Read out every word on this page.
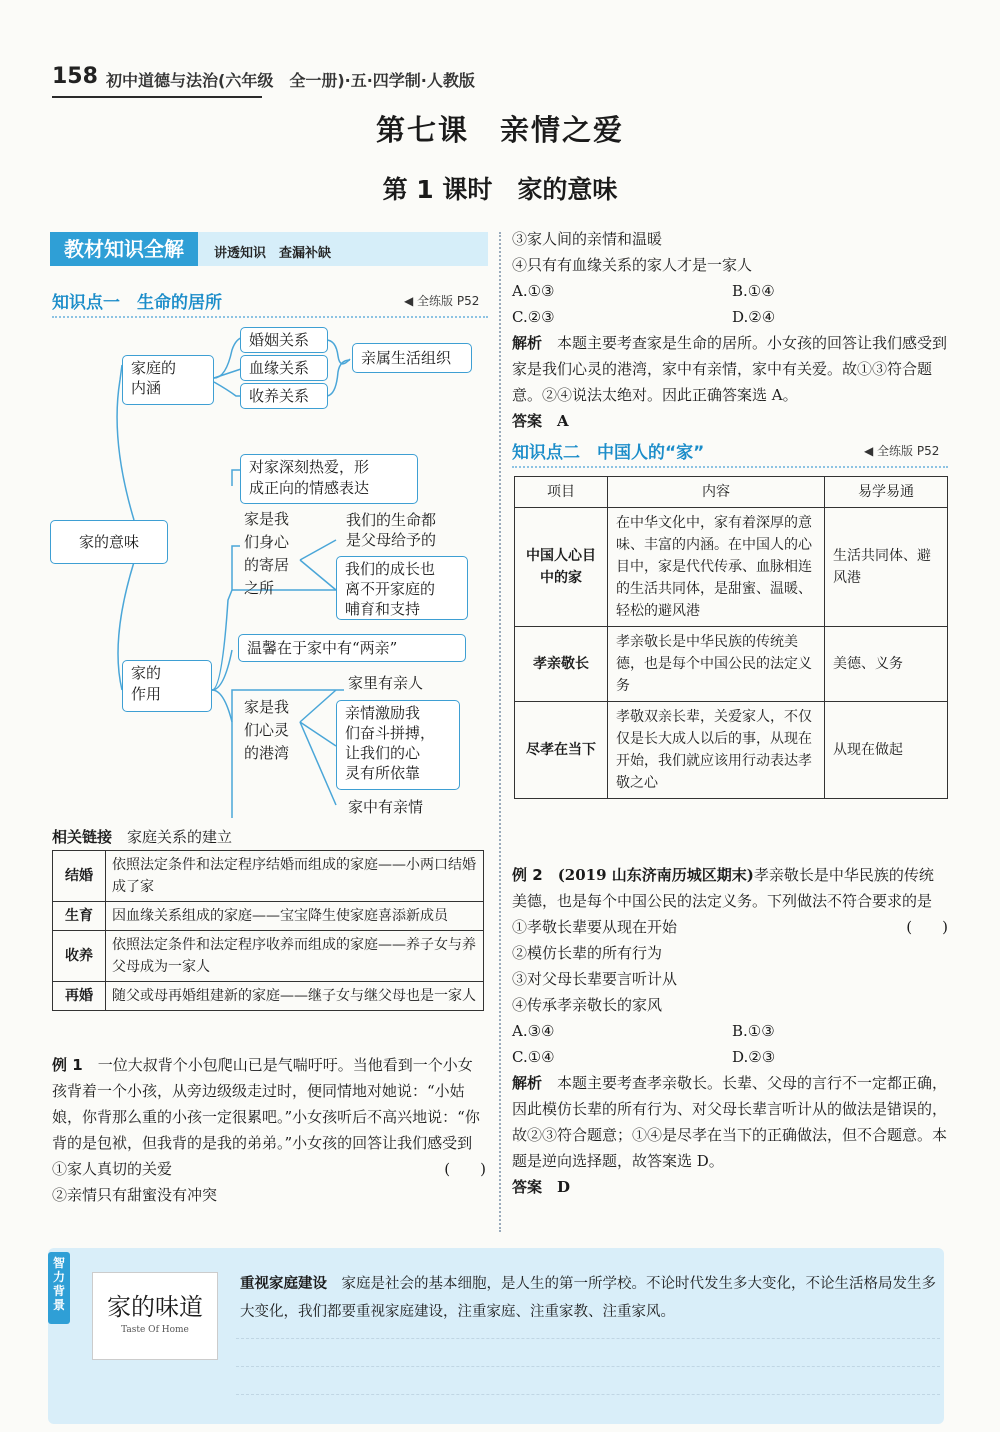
158 初中道德与法治(六年级　全一册)·五·四学制·人教版
第七课　亲情之爱
第 1 课时　家的意味
教材知识全解	讲透知识　查漏补缺
知识点一　生命的居所	◀ 全练版 P52
家的意味
家庭的
内涵
婚姻关系
血缘关系
收养关系
亲属生活组织
对家深刻热爱，形
成正向的情感表达
家是我
们身心
的寄居
之所
我们的生命都
是父母给予的
我们的成长也
离不开家庭的
哺育和支持
温馨在于家中有“两亲”
家的
作用
家是我
们心灵
的港湾
家里有亲人
亲情激励我
们奋斗拼搏，
让我们的心
灵有所依靠
家中有亲情
相关链接　 家庭关系的建立
结婚	依照法定条件和法定程序结婚而组成的家庭——小两口结婚成了家
生育	因血缘关系组成的家庭——宝宝降生使家庭喜添新成员
收养	依照法定条件和法定程序收养而组成的家庭——养子女与养父母成为一家人
再婚	随父或母再婚组建新的家庭——继子女与继父母也是一家人
例 1　 一位大叔背个小包爬山已是气喘吁吁。当他看到一个小女孩背着一个小孩，从旁边级级走过时，便同情地对她说：“小姑娘，你背那么重的小孩一定很累吧。”小女孩听后不高兴地说：“你背的是包袱，但我背的是我的弟弟。”小女孩的回答让我们感受到
(　　)
①家人真切的关爱
②亲情只有甜蜜没有冲突
③家人间的亲情和温暖
④只有有血缘关系的家人才是一家人
A.①③	B.①④
C.②③	D.②④
解析　 本题主要考查家是生命的居所。小女孩的回答让我们感受到家是我们心灵的港湾，家中有亲情，家中有关爱。故①③符合题意。②④说法太绝对。因此正确答案选 A。
答案　 A
知识点二　中国人的“家”	◀ 全练版 P52
项目	内容	易学易通
中国人心目中的家	在中华文化中，家有着深厚的意味、丰富的内涵。在中国人的心目中，家是代代传承、血脉相连的生活共同体，是甜蜜、温暖、轻松的避风港	生活共同体、避风港
孝亲敬长	孝亲敬长是中华民族的传统美德，也是每个中国公民的法定义务	美德、义务
尽孝在当下	孝敬双亲长辈，关爱家人，不仅仅是长大成人以后的事，从现在开始，我们就应该用行动表达孝敬之心	从现在做起
例 2　 (2019 山东济南历城区期末)孝亲敬长是中华民族的传统美德，也是每个中国公民的法定义务。下列做法不符合要求的是
(　　)
①孝敬长辈要从现在开始
②模仿长辈的所有行为
③对父母长辈要言听计从
④传承孝亲敬长的家风
A.③④	B.①③
C.①④	D.②③
解析　 本题主要考查孝亲敬长。长辈、父母的言行不一定都正确，因此模仿长辈的所有行为、对父母长辈言听计从的做法是错误的，故②③符合题意；①④是尽孝在当下的正确做法，但不合题意。本题是逆向选择题，故答案选 D。
答案　 D
智力背景	家的味道
Taste Of Home
重视家庭建设　 家庭是社会的基本细胞，是人生的第一所学校。不论时代发生多大变化，不论生活格局发生多大变化，我们都要重视家庭建设，注重家庭、注重家教、注重家风。
